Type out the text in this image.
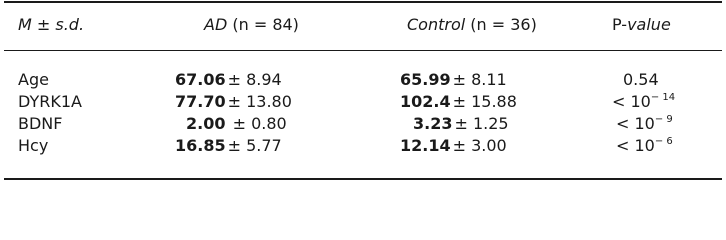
M ± s.d.	AD (n = 84)	Control (n = 36)	P-value
Age	67.06 ± 8.94	65.99 ± 8.11	0.54
DYRK1A	77.70 ± 13.80	102.4 ± 15.88	< $10^{- 14}$
BDNF	2.00 ± 0.80	3.23 ± 1.25	< $10^{- 9}$
Hcy	16.85 ± 5.77	12.14 ± 3.00	< $10^{- 6}$
